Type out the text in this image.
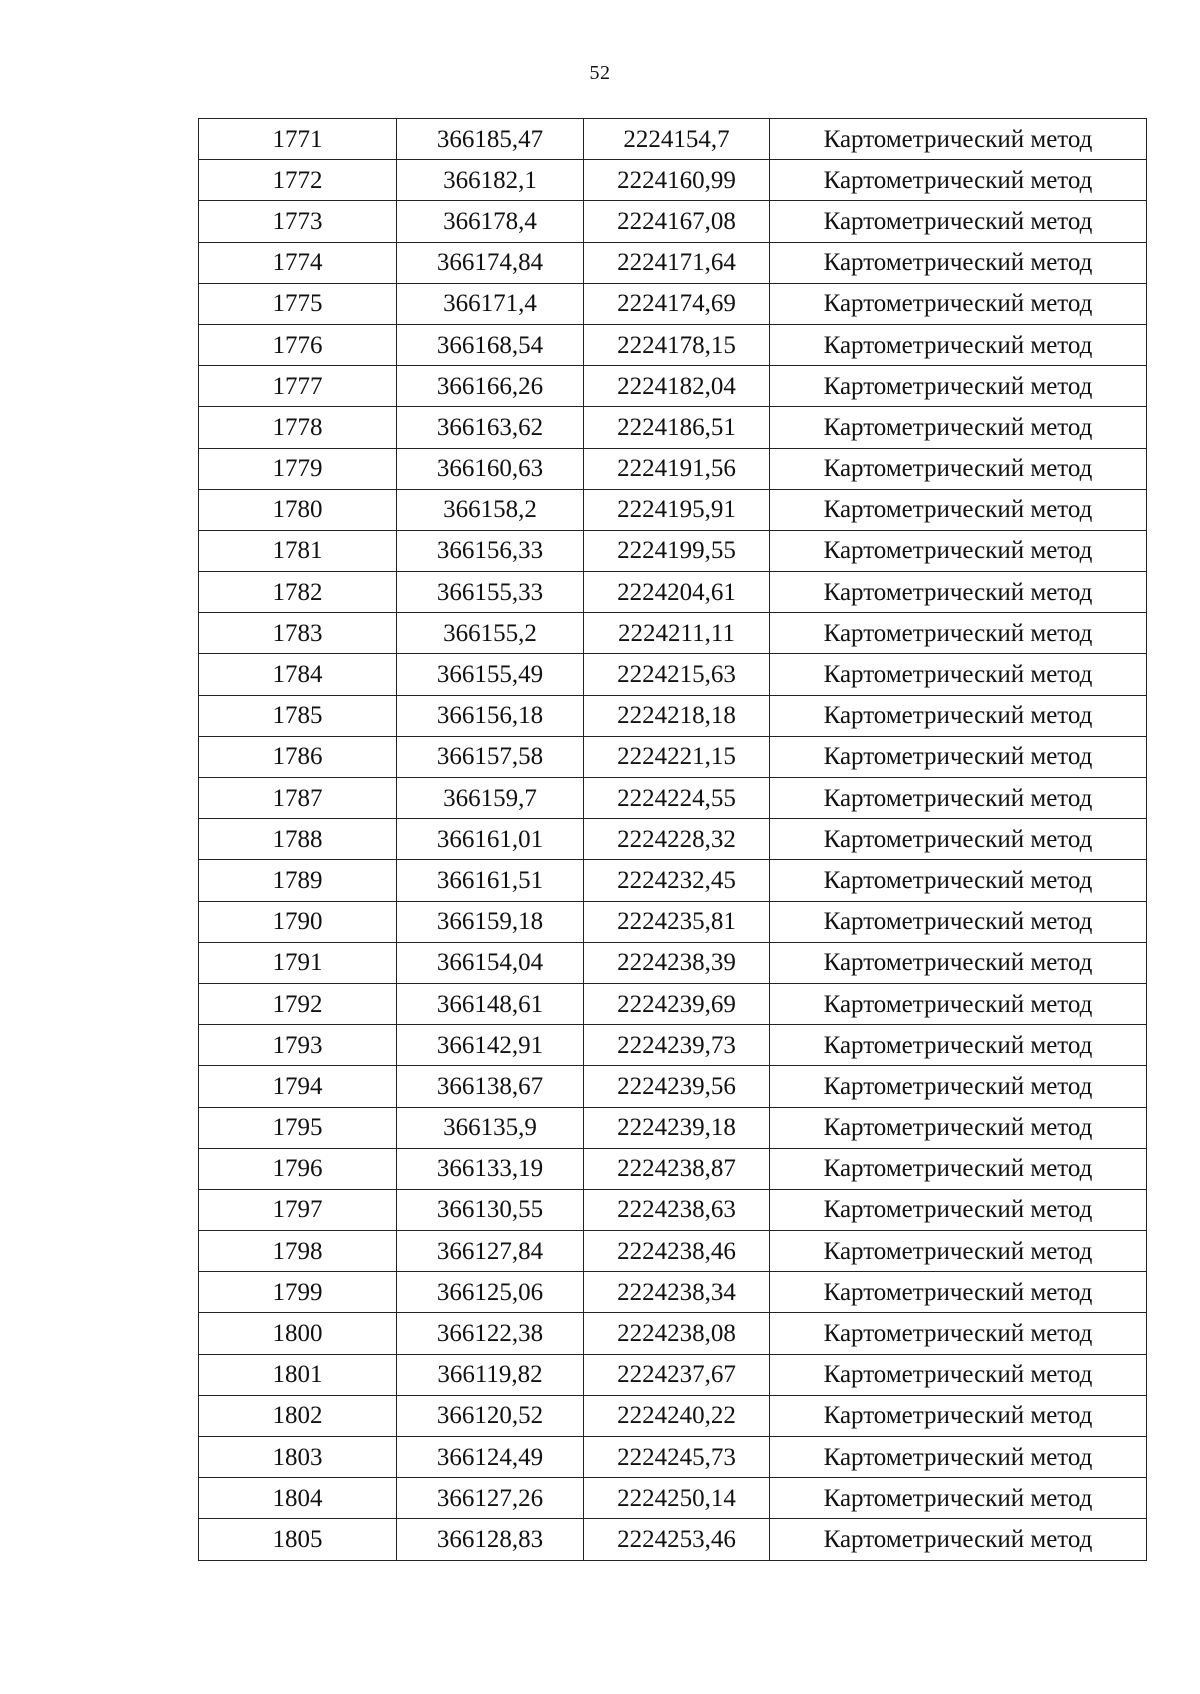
52
1771	366185,47	2224154,7	Картометрический метод
1772	366182,1	2224160,99	Картометрический метод
1773	366178,4	2224167,08	Картометрический метод
1774	366174,84	2224171,64	Картометрический метод
1775	366171,4	2224174,69	Картометрический метод
1776	366168,54	2224178,15	Картометрический метод
1777	366166,26	2224182,04	Картометрический метод
1778	366163,62	2224186,51	Картометрический метод
1779	366160,63	2224191,56	Картометрический метод
1780	366158,2	2224195,91	Картометрический метод
1781	366156,33	2224199,55	Картометрический метод
1782	366155,33	2224204,61	Картометрический метод
1783	366155,2	2224211,11	Картометрический метод
1784	366155,49	2224215,63	Картометрический метод
1785	366156,18	2224218,18	Картометрический метод
1786	366157,58	2224221,15	Картометрический метод
1787	366159,7	2224224,55	Картометрический метод
1788	366161,01	2224228,32	Картометрический метод
1789	366161,51	2224232,45	Картометрический метод
1790	366159,18	2224235,81	Картометрический метод
1791	366154,04	2224238,39	Картометрический метод
1792	366148,61	2224239,69	Картометрический метод
1793	366142,91	2224239,73	Картометрический метод
1794	366138,67	2224239,56	Картометрический метод
1795	366135,9	2224239,18	Картометрический метод
1796	366133,19	2224238,87	Картометрический метод
1797	366130,55	2224238,63	Картометрический метод
1798	366127,84	2224238,46	Картометрический метод
1799	366125,06	2224238,34	Картометрический метод
1800	366122,38	2224238,08	Картометрический метод
1801	366119,82	2224237,67	Картометрический метод
1802	366120,52	2224240,22	Картометрический метод
1803	366124,49	2224245,73	Картометрический метод
1804	366127,26	2224250,14	Картометрический метод
1805	366128,83	2224253,46	Картометрический метод
